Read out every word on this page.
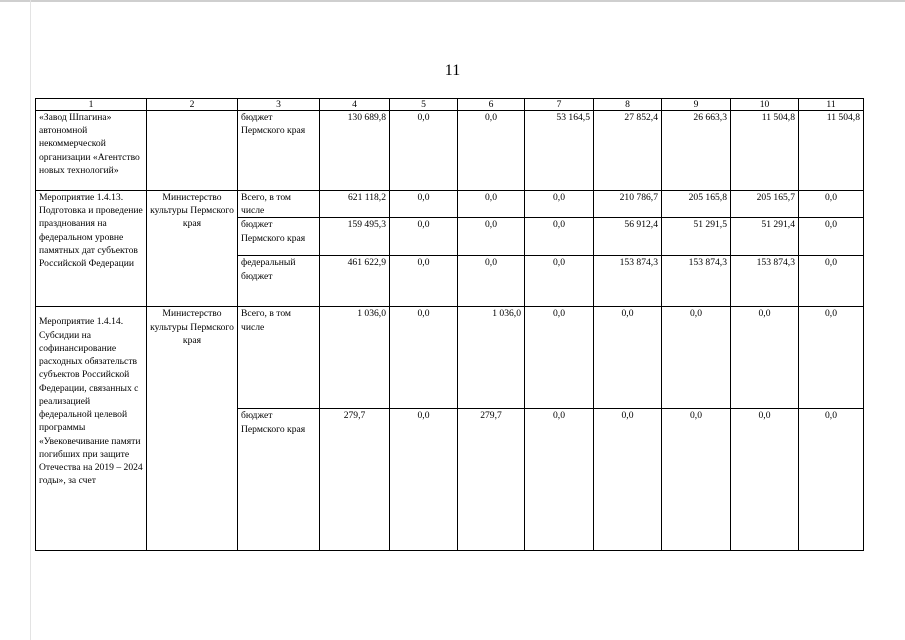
11
1	2	3	4	5	6	7	8	9	10	11
«Завод Шпагина» автономной некоммерческой организации «Агентство новых технологий»		бюджет Пермского края	130 689,8	0,0	0,0	53 164,5	27 852,4	26 663,3	11 504,8	11 504,8
Мероприятие 1.4.13. Подготовка и проведение празднования на федеральном уровне памятных дат субъектов Российской Федерации	Министерство культуры Пермского края	Всего, в том числе	621 118,2	0,0	0,0	0,0	210 786,7	205 165,8	205 165,7	0,0
		бюджет Пермского края	159 495,3	0,0	0,0	0,0	56 912,4	51 291,5	51 291,4	0,0
		федеральный бюджет	461 622,9	0,0	0,0	0,0	153 874,3	153 874,3	153 874,3	0,0
Мероприятие 1.4.14. Субсидии на софинансирование расходных обязательств субъектов Российской Федерации, связанных с реализацией федеральной целевой программы «Увековечивание памяти погибших при защите Отечества на 2019 – 2024 годы», за счет	Министерство культуры Пермского края	Всего, в том числе	1 036,0	0,0	1 036,0	0,0	0,0	0,0	0,0	0,0
		бюджет Пермского края	279,7	0,0	279,7	0,0	0,0	0,0	0,0	0,0
